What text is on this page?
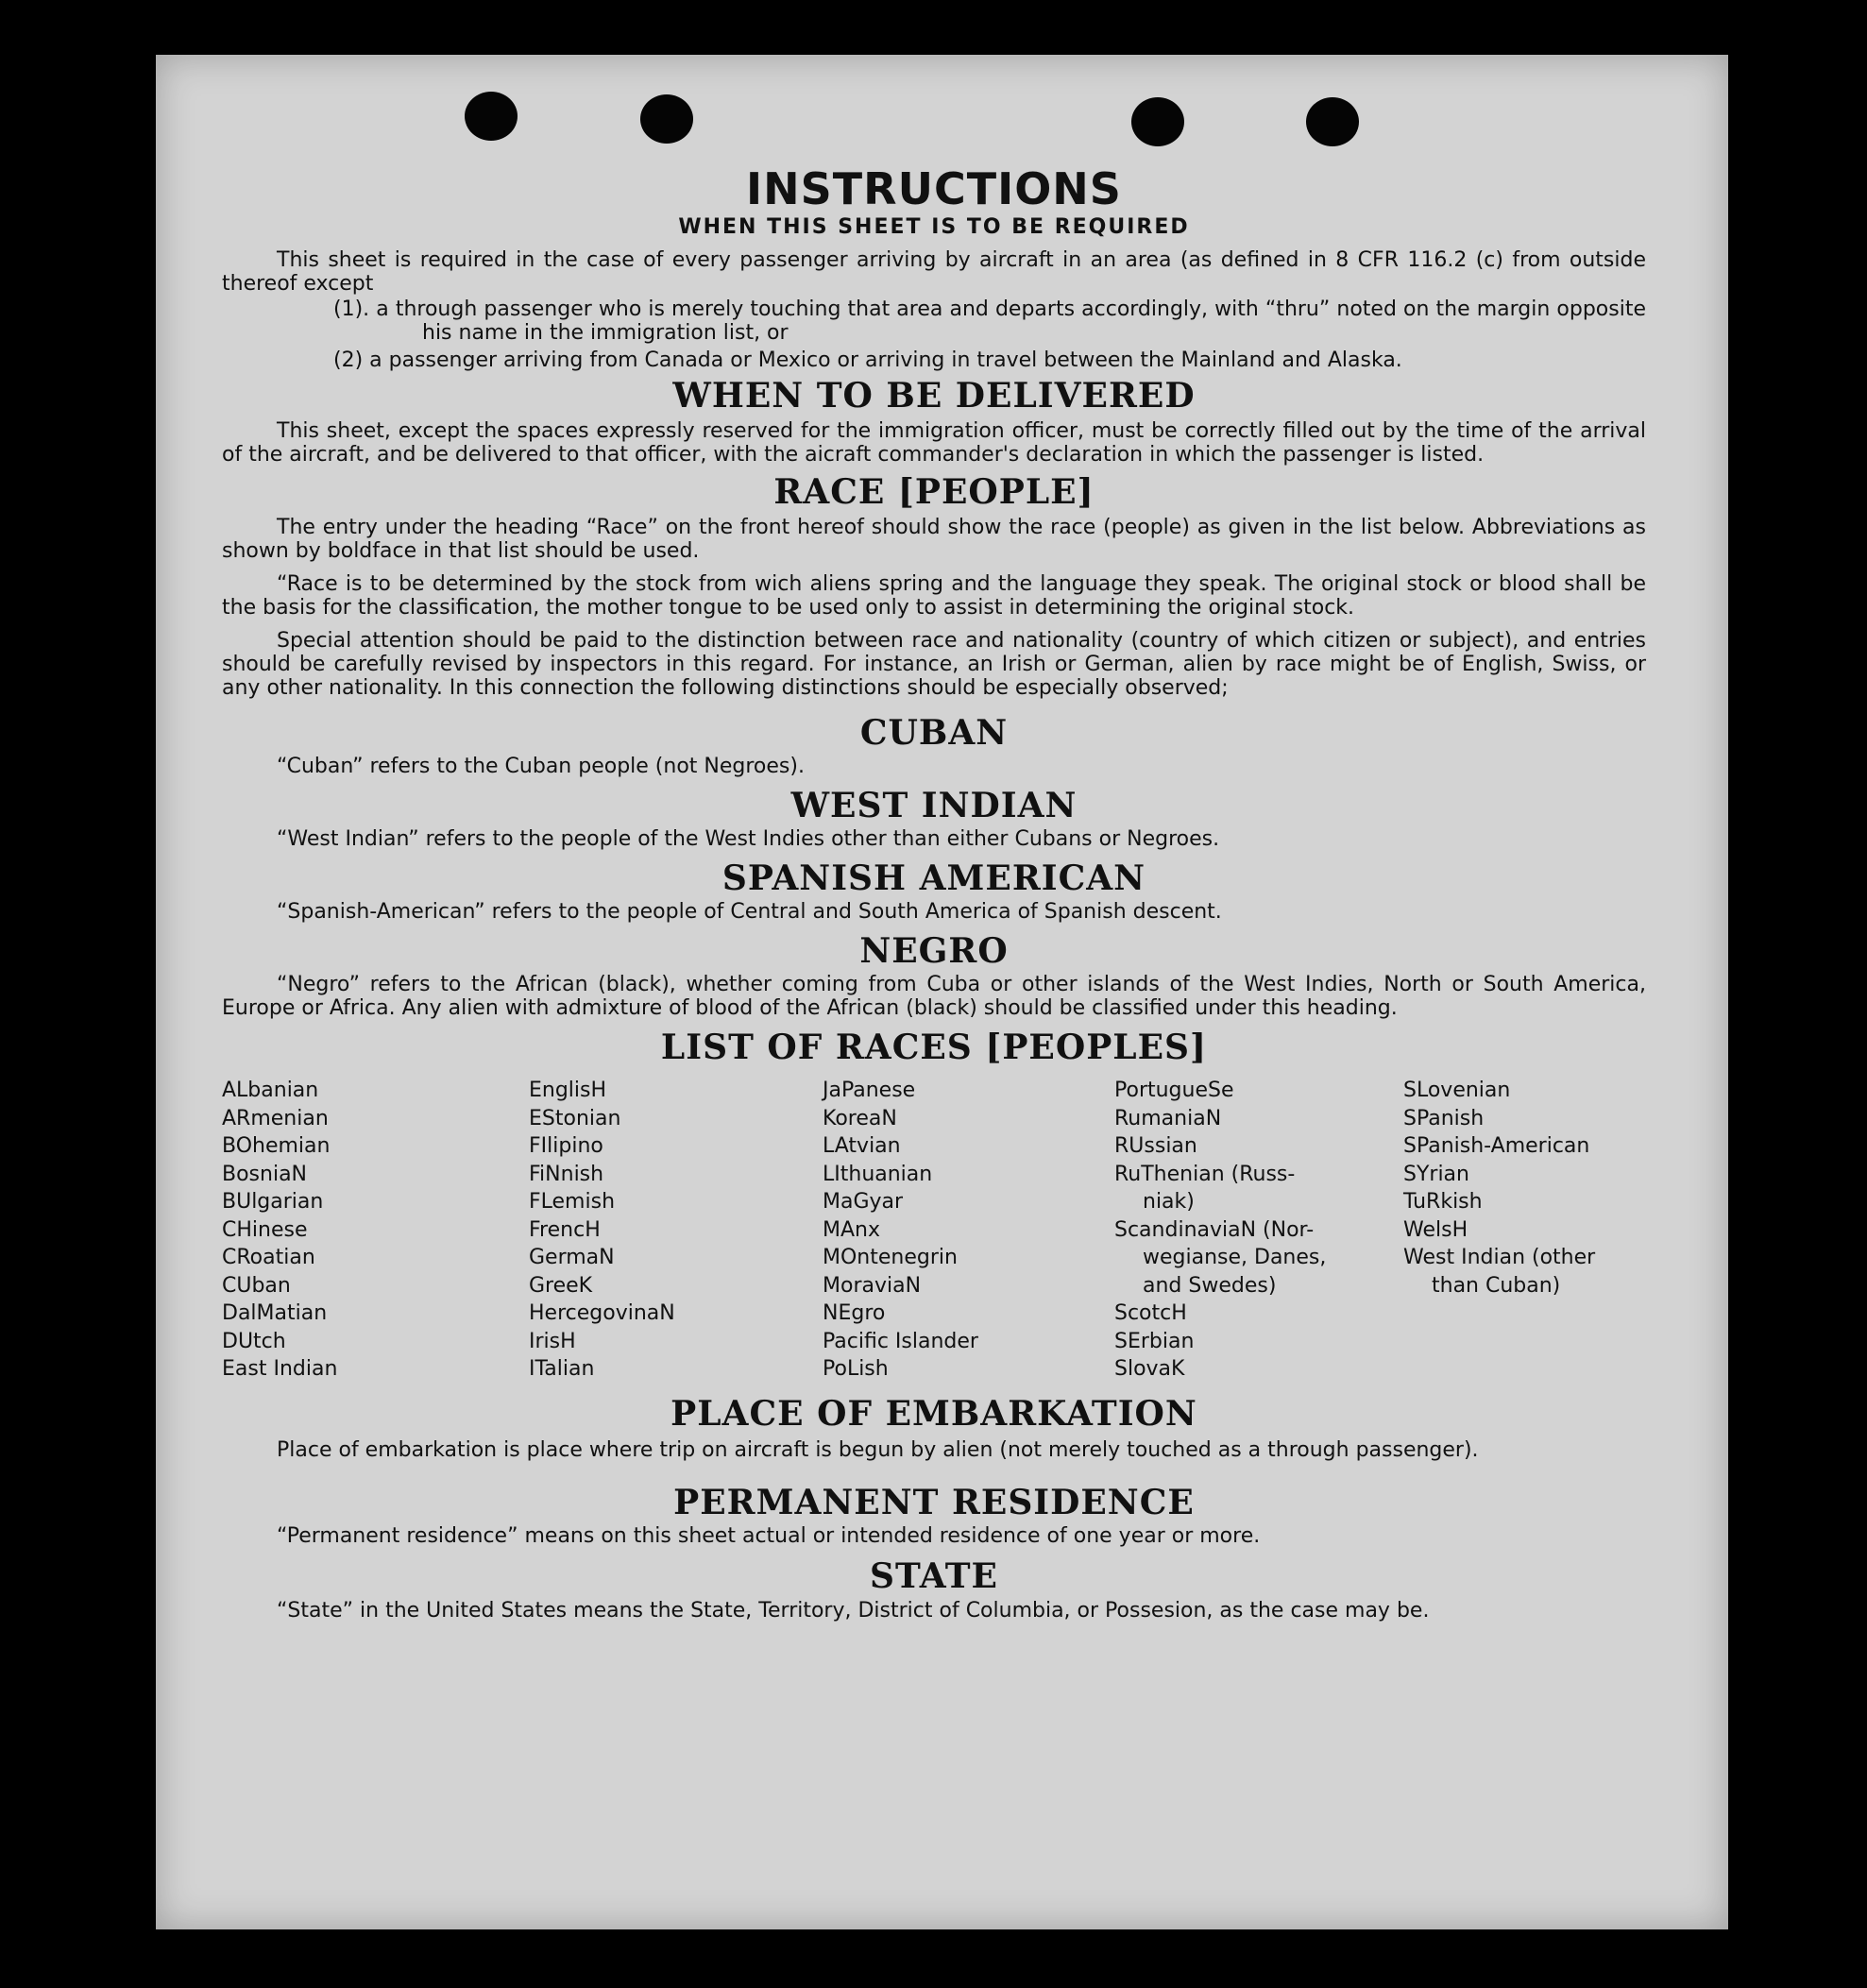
INSTRUCTIONS
WHEN THIS SHEET IS TO BE REQUIRED

This sheet is required in the case of every passenger arriving by aircraft in an area (as defined in 8 CFR 116.2 (c) from outside thereof except

(1). a through passenger who is merely touching that area and departs accordingly, with “thru” noted on the margin opposite his name in the immigration list, or

(2) a passenger arriving from Canada or Mexico or arriving in travel between the Mainland and Alaska.

WHEN TO BE DELIVERED

This sheet, except the spaces expressly reserved for the immigration officer, must be correctly filled out by the time of the arrival of the aircraft, and be delivered to that officer, with the aicraft commander's declaration in which the passenger is listed.

RACE [PEOPLE]

The entry under the heading “Race” on the front hereof should show the race (people) as given in the list below. Abbreviations as shown by boldface in that list should be used.

“Race is to be determined by the stock from wich aliens spring and the language they speak. The original stock or blood shall be the basis for the classification, the mother tongue to be used only to assist in determining the original stock.

Special attention should be paid to the distinction between race and nationality (country of which citizen or subject), and entries should be carefully revised by inspectors in this regard. For instance, an Irish or German, alien by race might be of English, Swiss, or any other nationality. In this connection the following distinctions should be especially observed;

CUBAN

“Cuban” refers to the Cuban people (not Negroes).

WEST INDIAN

“West Indian” refers to the people of the West Indies other than either Cubans or Negroes.

SPANISH AMERICAN

“Spanish-American” refers to the people of Central and South America of Spanish descent.

NEGRO

“Negro” refers to the African (black), whether coming from Cuba or other islands of the West Indies, North or South America, Europe or Africa. Any alien with admixture of blood of the African (black) should be classified under this heading.

LIST OF RACES [PEOPLES]
ALbanian
ARmenian
BOhemian
BosniaN
BUlgarian
CHinese
CRoatian
CUban
DalMatian
DUtch
East Indian
EnglisH
EStonian
FIlipino
FiNnish
FLemish
FrencH
GermaN
GreeK
HercegovinaN
IrisH
ITalian
JaPanese
KoreaN
LAtvian
LIthuanian
MaGyar
MAnx
MOntenegrin
MoraviaN
NEgro
Pacific Islander
PoLish
PortugueSe
RumaniaN
RUssian
RuThenian (Russ-
niak)
ScandinaviaN (Nor-
wegianse, Danes,
and Swedes)
ScotcH
SErbian
SlovaK
SLovenian
SPanish
SPanish-American
SYrian
TuRkish
WelsH
West Indian (other
than Cuban)
PLACE OF EMBARKATION

Place of embarkation is place where trip on aircraft is begun by alien (not merely touched as a through passenger).

PERMANENT RESIDENCE

“Permanent residence” means on this sheet actual or intended residence of one year or more.

STATE

“State” in the United States means the State, Territory, District of Columbia, or Possesion, as the case may be.
